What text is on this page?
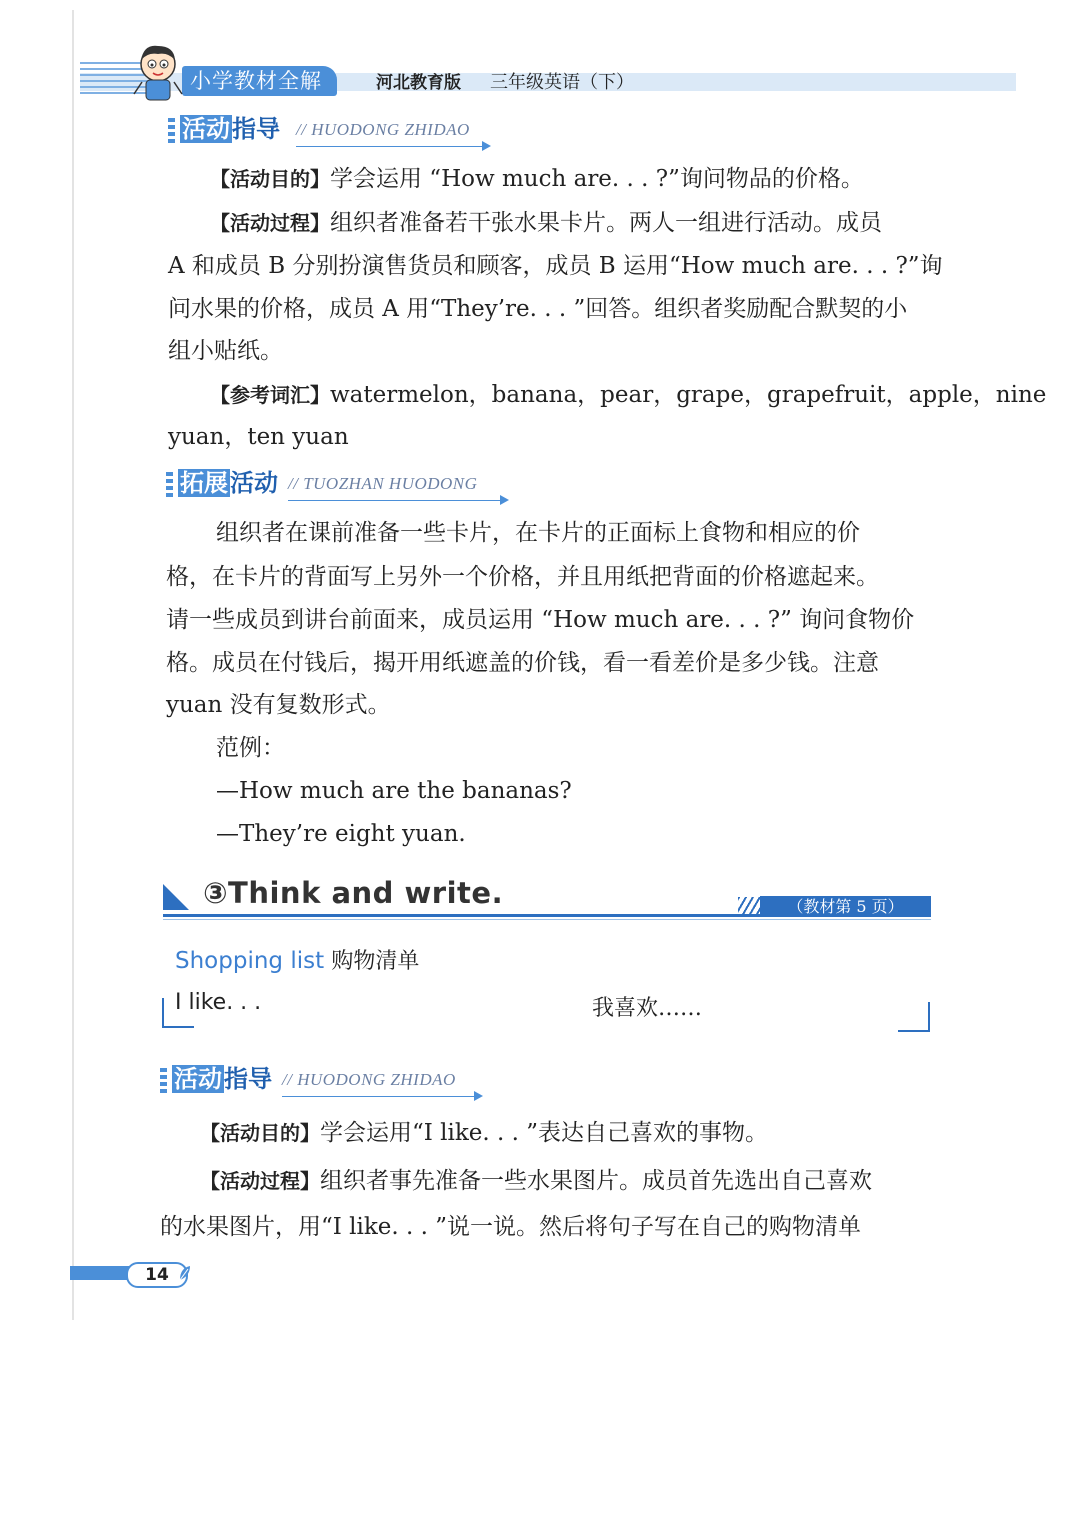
小学教材全解	河北教育版 三年级英语（下）
活动指导 // HUODONG ZHIDAO
【活动目的】学会运用 “How much are. . . ?”询问物品的价格。
【活动过程】组织者准备若干张水果卡片。两人一组进行活动。成员
A 和成员 B 分别扮演售货员和顾客，成员 B 运用“How much are. . . ?”询
问水果的价格，成员 A 用“They’re. . . ”回答。组织者奖励配合默契的小
组小贴纸。
【参考词汇】watermelon，banana，pear，grape，grapefruit，apple，nine
yuan，ten yuan
拓展活动 // TUOZHAN HUODONG
组织者在课前准备一些卡片，在卡片的正面标上食物和相应的价
格，在卡片的背面写上另外一个价格，并且用纸把背面的价格遮起来。
请一些成员到讲台前面来，成员运用 “How much are. . . ?” 询问食物价
格。成员在付钱后，揭开用纸遮盖的价钱，看一看差价是多少钱。注意
yuan 没有复数形式。
范例：
—How much are the bananas?
—They’re eight yuan.
③Think and write.	（教材第 5 页）
Shopping list 购物清单
I like. . .	我喜欢……
活动指导 // HUODONG ZHIDAO
【活动目的】学会运用“I like. . . ”表达自己喜欢的事物。
【活动过程】组织者事先准备一些水果图片。成员首先选出自己喜欢
的水果图片，用“I like. . . ”说一说。然后将句子写在自己的购物清单
14
